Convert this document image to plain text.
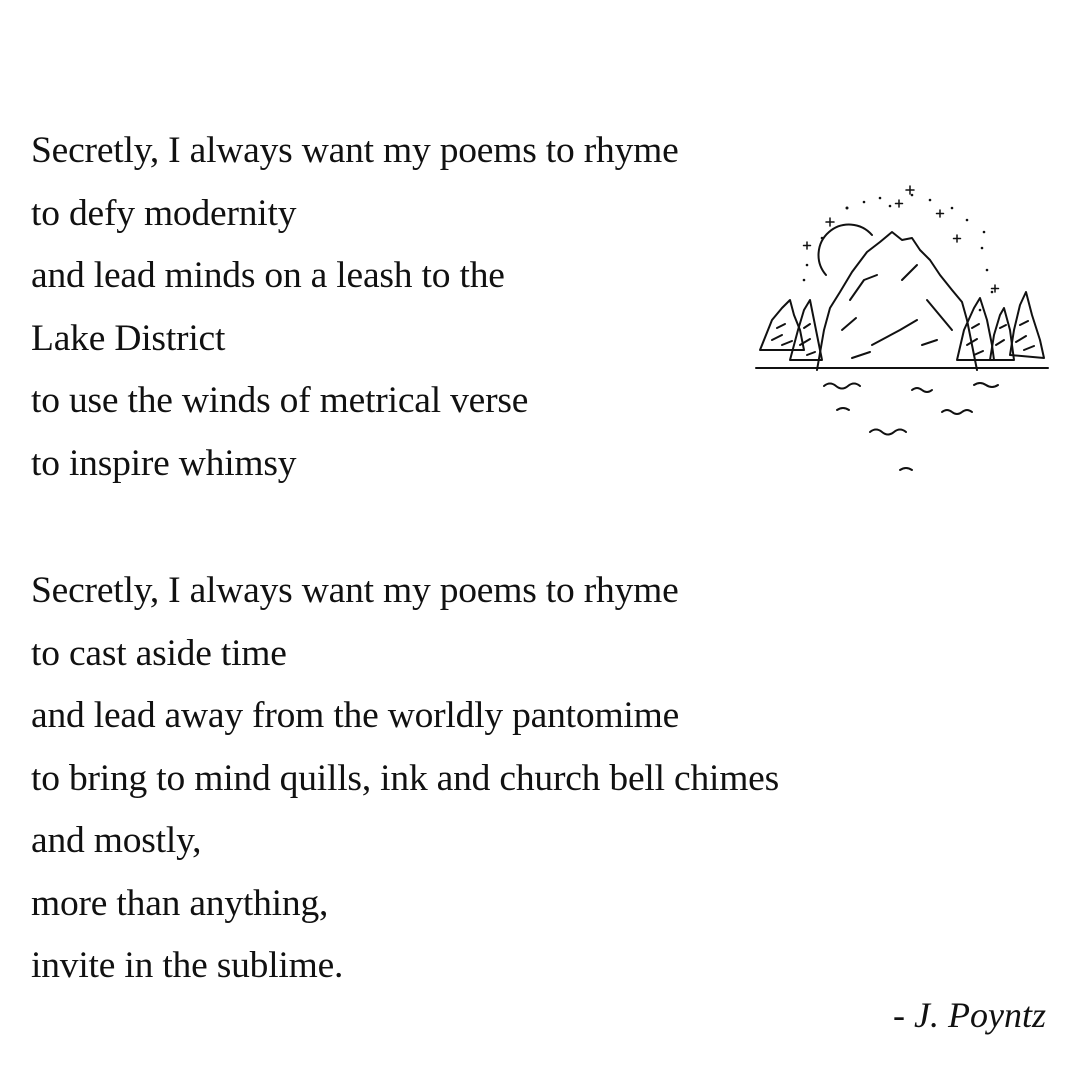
Secretly, I always want my poems to rhyme
to defy modernity
and lead minds on a leash to the
Lake District
to use the winds of metrical verse
to inspire whimsy
Secretly, I always want my poems to rhyme
to cast aside time
and lead away from the worldly pantomime
to bring to mind quills, ink and church bell chimes
and mostly,
more than anything,
invite in the sublime.
- J. Poyntz
